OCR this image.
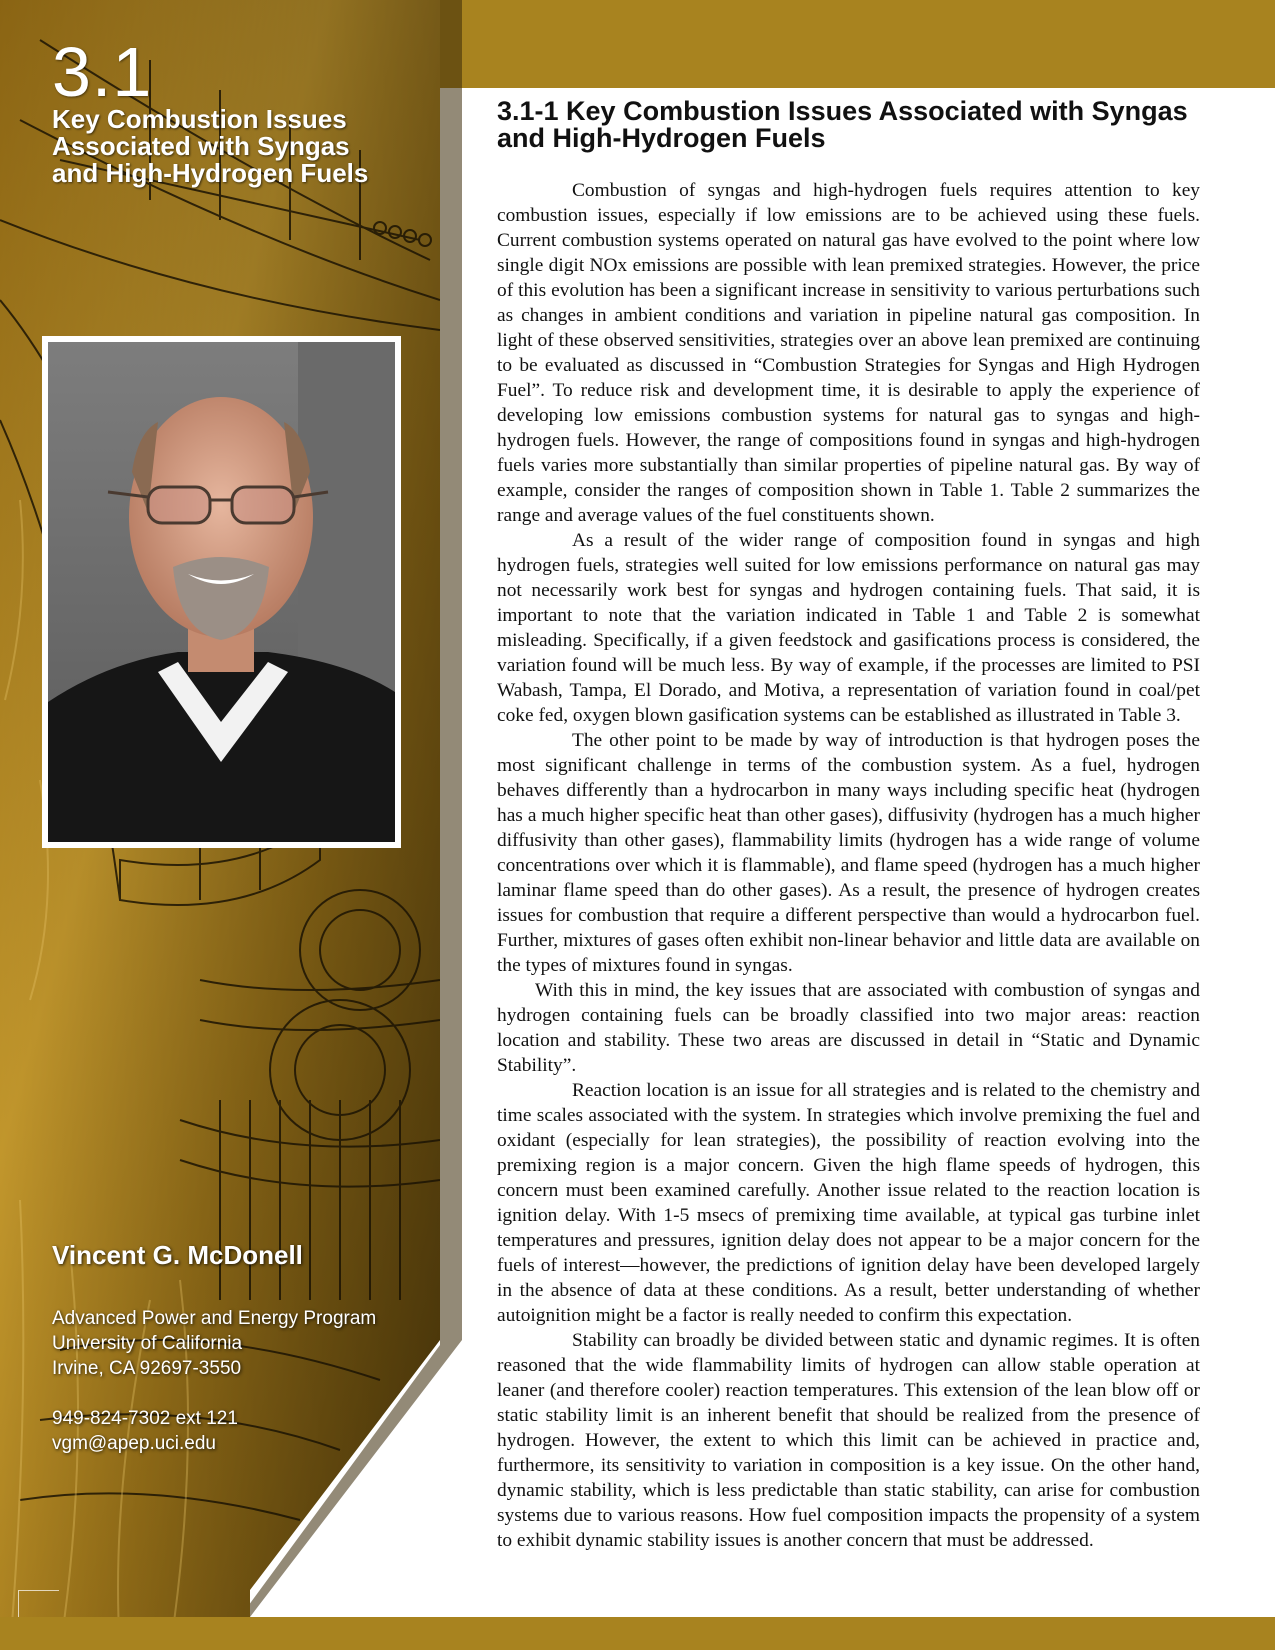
3.1
Key Combustion Issues Associated with Syngas and High-Hydrogen Fuels
Vincent G. McDonell
Advanced Power and Energy Program
University of California
Irvine, CA 92697-3550
949-824-7302 ext 121
vgm@apep.uci.edu
3.1-1 Key Combustion Issues Associated with Syngas and High-Hydrogen Fuels

Combustion of syngas and high-hydrogen fuels requires attention to key combustion issues, especially if low emissions are to be achieved using these fuels. Current combustion systems operated on natural gas have evolved to the point where low single digit NOx emissions are possible with lean premixed strategies. However, the price of this evolution has been a significant increase in sensitivity to various perturbations such as changes in ambient conditions and variation in pipeline natural gas composition. In light of these observed sensitivities, strategies over an above lean premixed are continuing to be evaluated as discussed in “Combustion Strategies for Syngas and High Hydrogen Fuel”. To reduce risk and development time, it is desirable to apply the experience of developing low emissions combustion systems for natural gas to syngas and high-hydrogen fuels. However, the range of compositions found in syngas and high-hydrogen fuels varies more substantially than similar properties of pipeline natural gas. By way of example, consider the ranges of composition shown in Table 1. Table 2 summarizes the range and average values of the fuel constituents shown.

As a result of the wider range of composition found in syngas and high hydrogen fuels, strategies well suited for low emissions performance on natural gas may not necessarily work best for syngas and hydrogen containing fuels. That said, it is important to note that the variation indicated in Table 1 and Table 2 is somewhat misleading. Specifically, if a given feedstock and gasifications process is considered, the variation found will be much less. By way of example, if the processes are limited to PSI Wabash, Tampa, El Dorado, and Motiva, a representation of variation found in coal/pet coke fed, oxygen blown gasification systems can be established as illustrated in Table 3.

The other point to be made by way of introduction is that hydrogen poses the most significant challenge in terms of the combustion system. As a fuel, hydrogen behaves differently than a hydrocarbon in many ways including specific heat (hydrogen has a much higher specific heat than other gases), diffusivity (hydrogen has a much higher diffusivity than other gases), flammability limits (hydrogen has a wide range of volume concentrations over which it is flammable), and flame speed (hydrogen has a much higher laminar flame speed than do other gases). As a result, the presence of hydrogen creates issues for combustion that require a different perspective than would a hydrocarbon fuel. Further, mixtures of gases often exhibit non-linear behavior and little data are available on the types of mixtures found in syngas.

With this in mind, the key issues that are associated with combustion of syngas and hydrogen containing fuels can be broadly classified into two major areas: reaction location and stability. These two areas are discussed in detail in “Static and Dynamic Stability”.

Reaction location is an issue for all strategies and is related to the chemistry and time scales associated with the system. In strategies which involve premixing the fuel and oxidant (especially for lean strategies), the possibility of reaction evolving into the premixing region is a major concern. Given the high flame speeds of hydrogen, this concern must been examined carefully. Another issue related to the reaction location is ignition delay. With 1-5 msecs of premixing time available, at typical gas turbine inlet temperatures and pressures, ignition delay does not appear to be a major concern for the fuels of interest—however, the predictions of ignition delay have been developed largely in the absence of data at these conditions. As a result, better understanding of whether autoignition might be a factor is really needed to confirm this expectation.

Stability can broadly be divided between static and dynamic regimes. It is often reasoned that the wide flammability limits of hydrogen can allow stable operation at leaner (and therefore cooler) reaction temperatures. This extension of the lean blow off or static stability limit is an inherent benefit that should be realized from the presence of hydrogen. However, the extent to which this limit can be achieved in practice and, furthermore, its sensitivity to variation in composition is a key issue. On the other hand, dynamic stability, which is less predictable than static stability, can arise for combustion systems due to various reasons. How fuel composition impacts the propensity of a system to exhibit dynamic stability issues is another concern that must be addressed.
